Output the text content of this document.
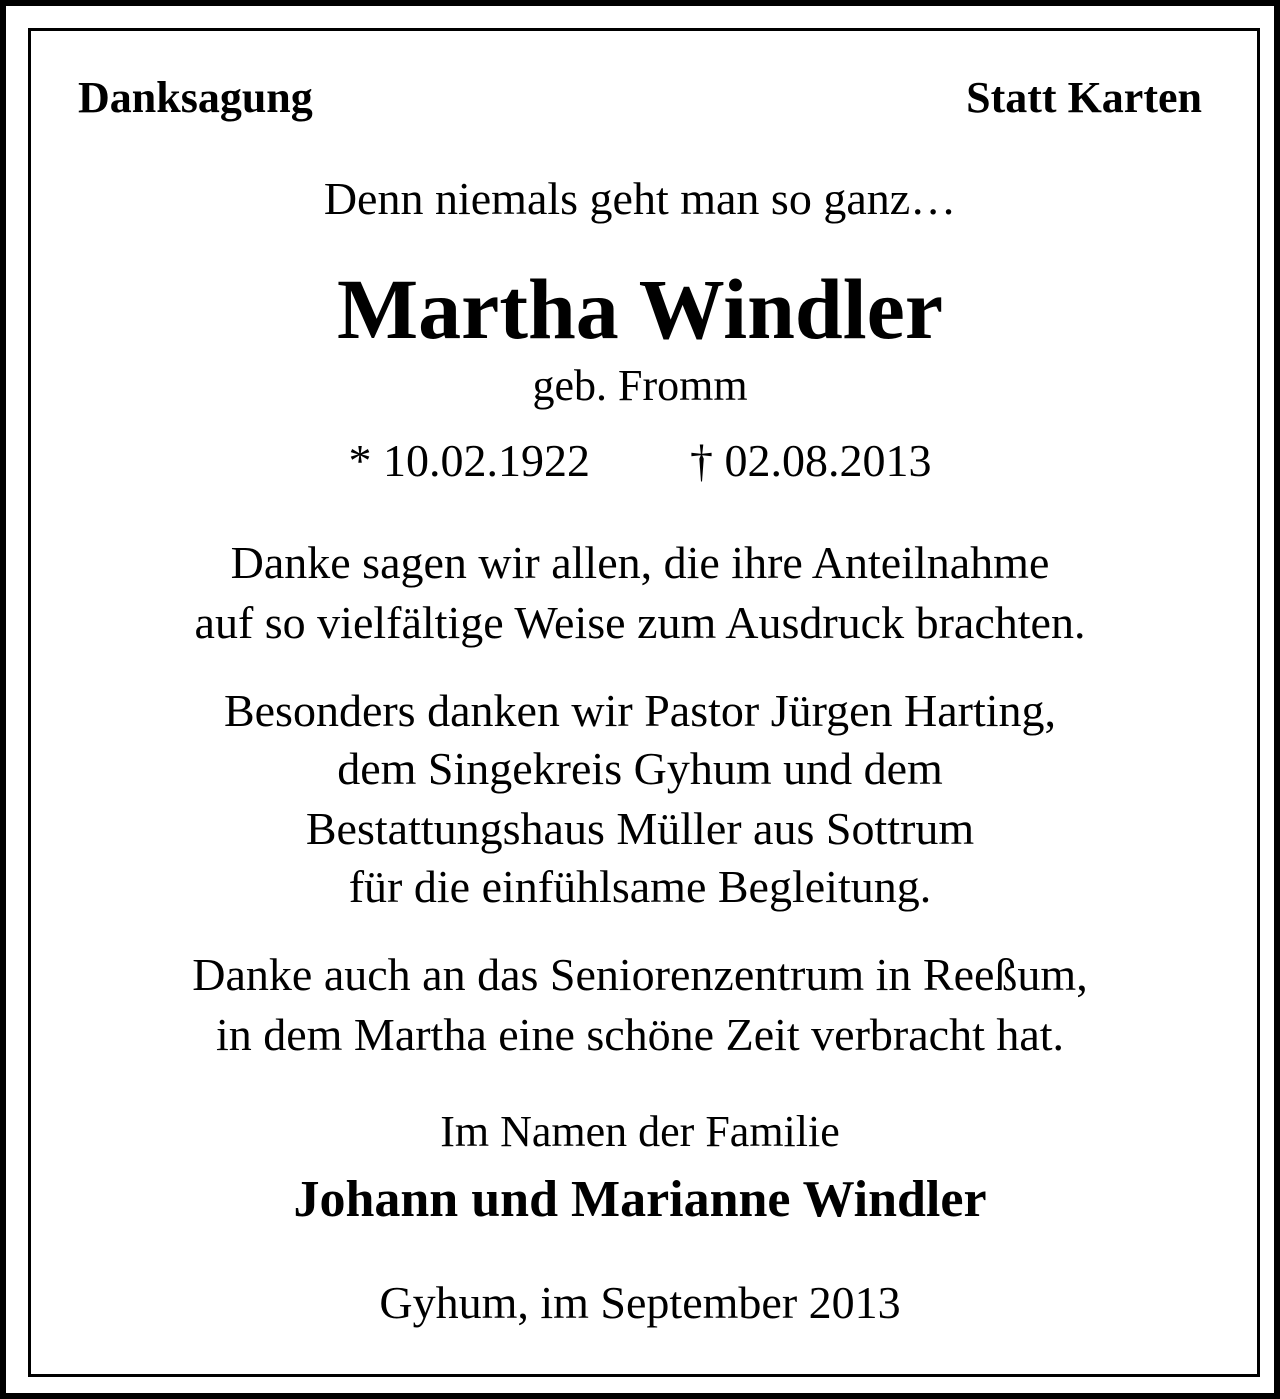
Danksagung	Statt Karten
Denn niemals geht man so ganz…
Martha Windler
geb. Fromm
* 10.02.1922 † 02.08.2013
Danke sagen wir allen, die ihre Anteilnahme
auf so vielfältige Weise zum Ausdruck brachten.
Besonders danken wir Pastor Jürgen Harting,
dem Singekreis Gyhum und dem
Bestattungshaus Müller aus Sottrum
für die einfühlsame Begleitung.
Danke auch an das Seniorenzentrum in Reeßum,
in dem Martha eine schöne Zeit verbracht hat.
Im Namen der Familie
Johann und Marianne Windler
Gyhum, im September 2013
